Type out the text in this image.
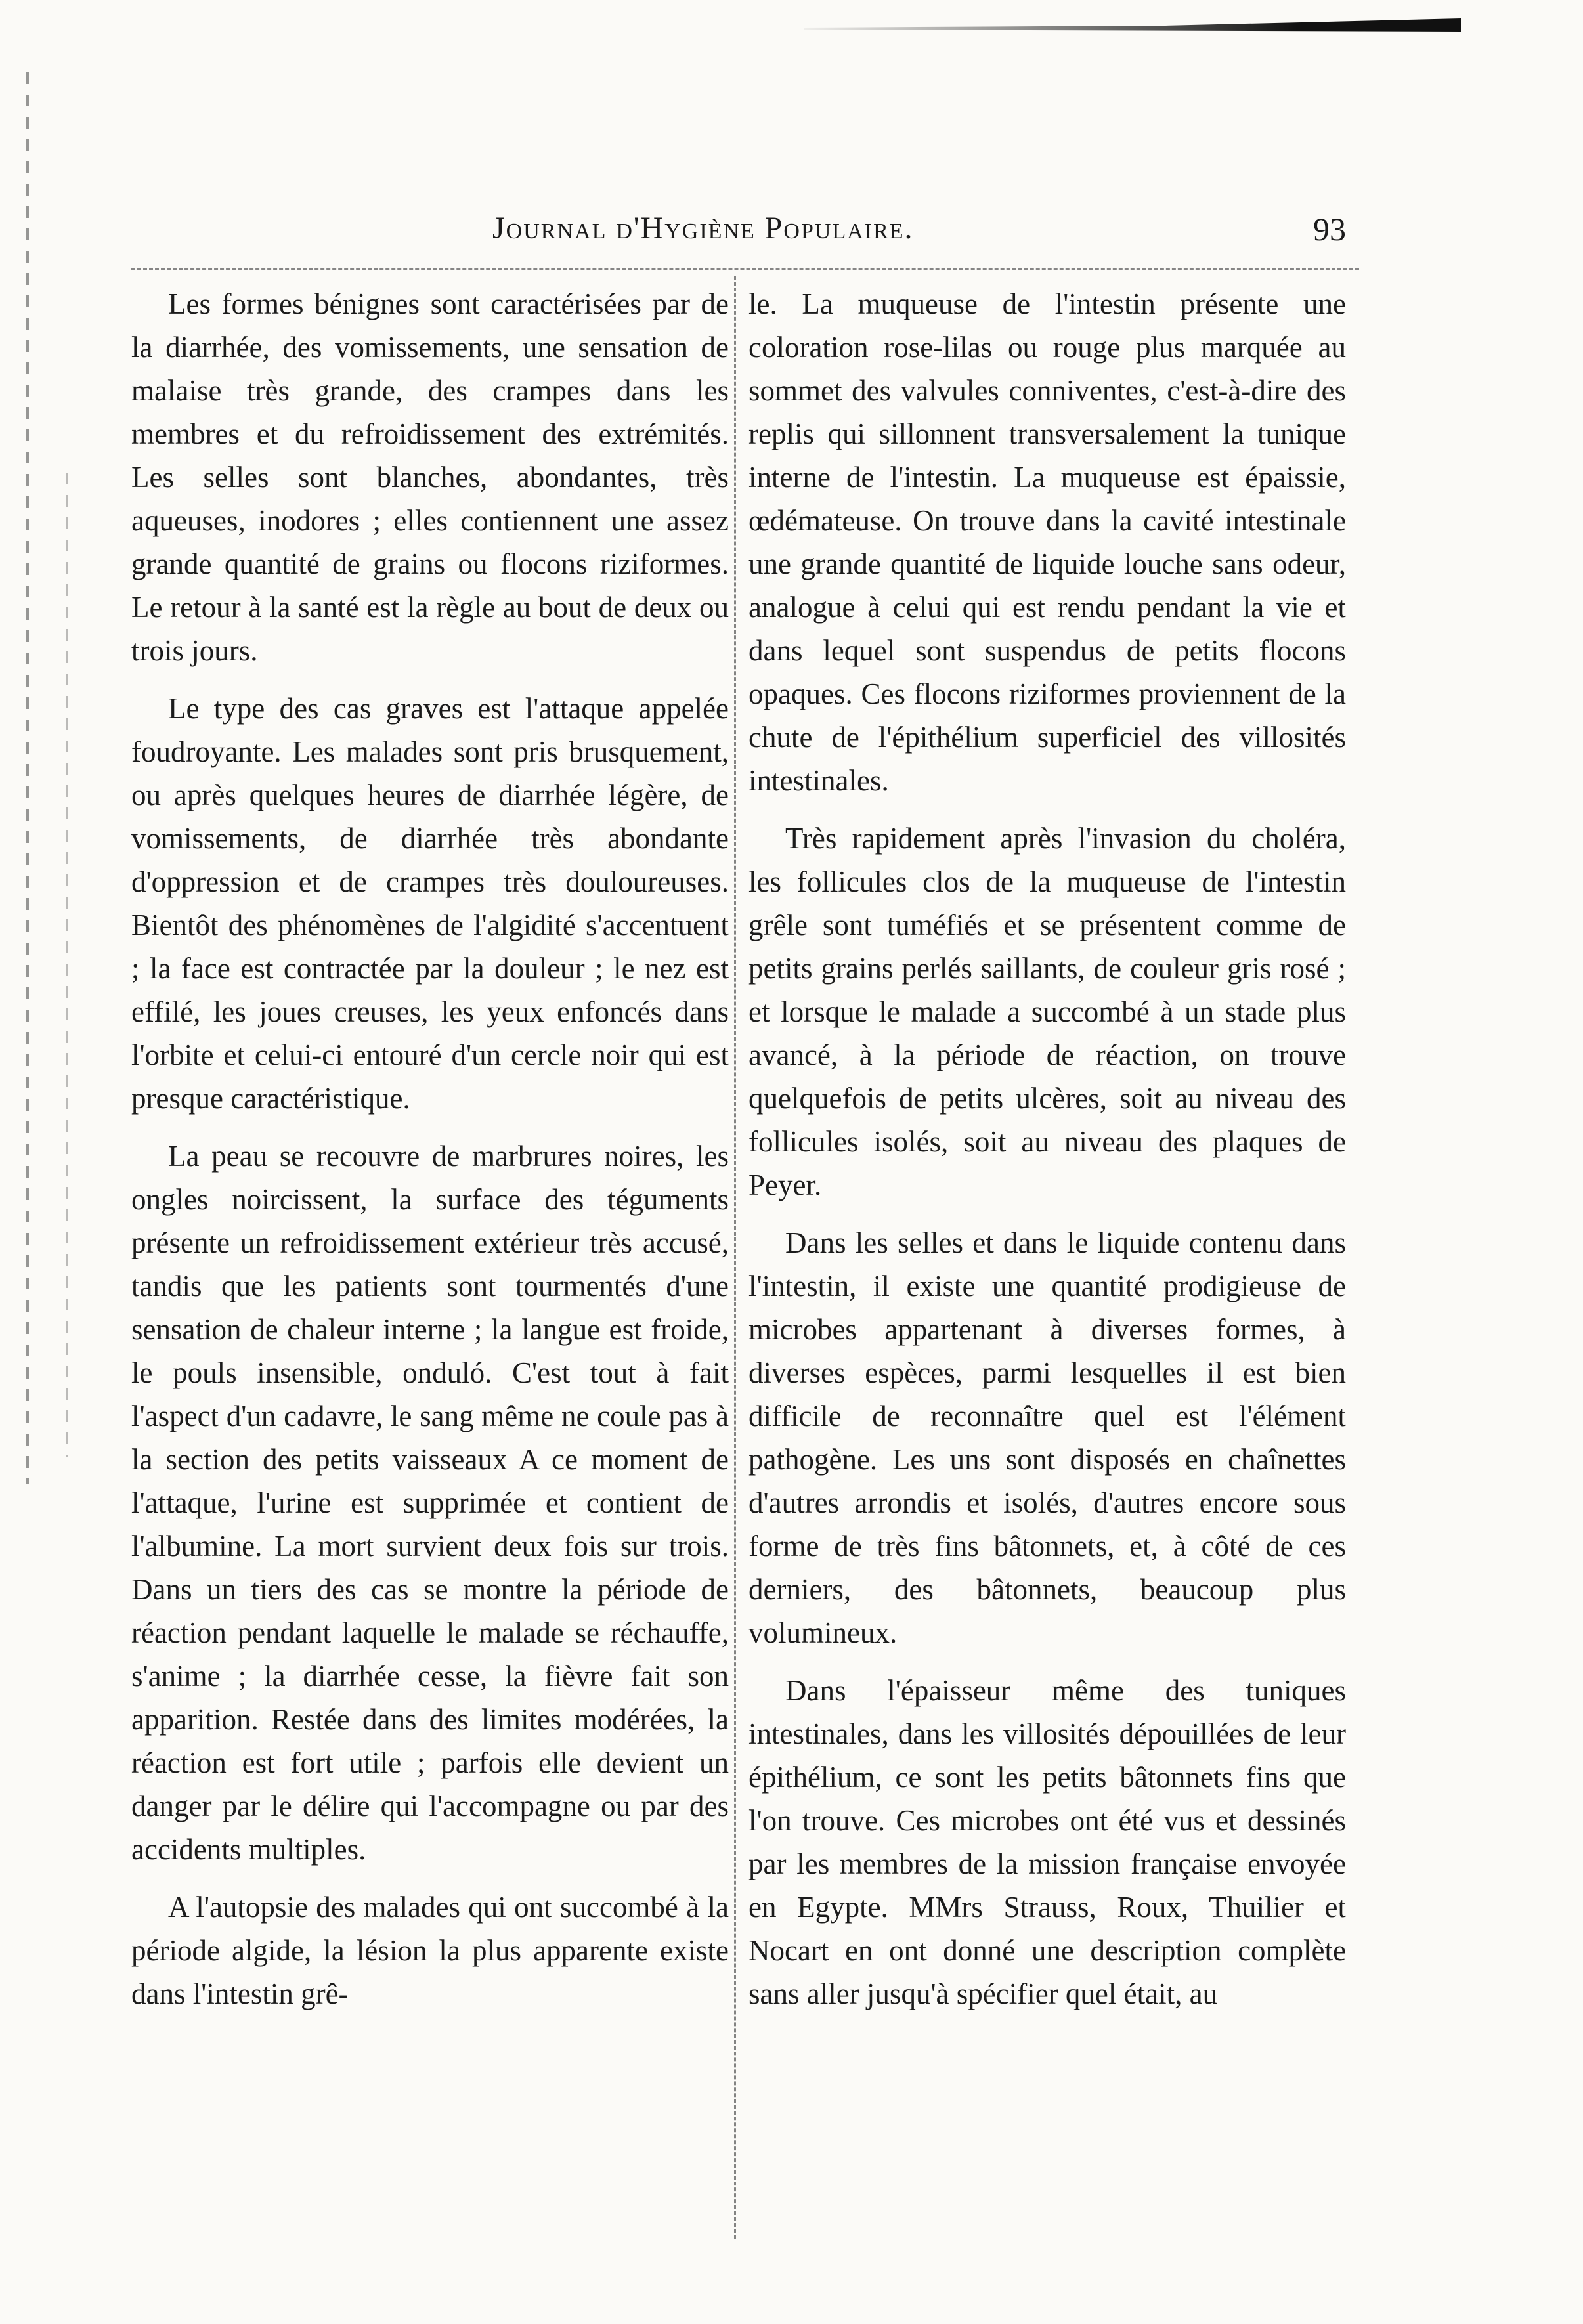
Journal d'Hygiène Populaire.	93

Les formes bénignes sont caractérisées par de la diarrhée, des vomissements, une sensation de malaise très grande, des crampes dans les membres et du refroidissement des extrémités. Les selles sont blanches, abondantes, très aqueuses, inodores ; elles contiennent une assez grande quantité de grains ou flocons riziformes. Le retour à la santé est la règle au bout de deux ou trois jours.

Le type des cas graves est l'attaque appelée foudroyante. Les malades sont pris brusquement, ou après quelques heures de diarrhée légère, de vomissements, de diarrhée très abondante d'oppression et de crampes très douloureuses. Bientôt des phénomènes de l'algidité s'accentuent ; la face est contractée par la douleur ; le nez est effilé, les joues creuses, les yeux enfoncés dans l'orbite et celui-ci entouré d'un cercle noir qui est presque caractéristique.

La peau se recouvre de marbrures noires, les ongles noircissent, la surface des téguments présente un refroidissement extérieur très accusé, tandis que les patients sont tourmentés d'une sensation de chaleur interne ; la langue est froide, le pouls insensible, onduló. C'est tout à fait l'aspect d'un cadavre, le sang même ne coule pas à la section des petits vaisseaux A ce moment de l'attaque, l'urine est supprimée et contient de l'albumine. La mort survient deux fois sur trois. Dans un tiers des cas se montre la période de réaction pendant laquelle le malade se réchauffe, s'anime ; la diarrhée cesse, la fièvre fait son apparition. Restée dans des limites modérées, la réaction est fort utile ; parfois elle devient un danger par le délire qui l'accompagne ou par des accidents multiples.

A l'autopsie des malades qui ont succombé à la période algide, la lésion la plus apparente existe dans l'intestin grê-

le. La muqueuse de l'intestin présente une coloration rose-lilas ou rouge plus marquée au sommet des valvules conniventes, c'est-à-dire des replis qui sillonnent transversalement la tunique interne de l'intestin. La muqueuse est épaissie, œdémateuse. On trouve dans la cavité intestinale une grande quantité de liquide louche sans odeur, analogue à celui qui est rendu pendant la vie et dans lequel sont suspendus de petits flocons opaques. Ces flocons riziformes proviennent de la chute de l'épithélium superficiel des villosités intestinales.

Très rapidement après l'invasion du choléra, les follicules clos de la muqueuse de l'intestin grêle sont tuméfiés et se présentent comme de petits grains perlés saillants, de couleur gris rosé ; et lorsque le malade a succombé à un stade plus avancé, à la période de réaction, on trouve quelquefois de petits ulcères, soit au niveau des follicules isolés, soit au niveau des plaques de Peyer.

Dans les selles et dans le liquide contenu dans l'intestin, il existe une quantité prodigieuse de microbes appartenant à diverses formes, à diverses espèces, parmi lesquelles il est bien difficile de reconnaître quel est l'élément pathogène. Les uns sont disposés en chaînettes d'autres arrondis et isolés, d'autres encore sous forme de très fins bâtonnets, et, à côté de ces derniers, des bâtonnets, beaucoup plus volumineux.

Dans l'épaisseur même des tuniques intestinales, dans les villosités dépouillées de leur épithélium, ce sont les petits bâtonnets fins que l'on trouve. Ces microbes ont été vus et dessinés par les membres de la mission française envoyée en Egypte. MMrs Strauss, Roux, Thuilier et Nocart en ont donné une description complète sans aller jusqu'à spécifier quel était, au
